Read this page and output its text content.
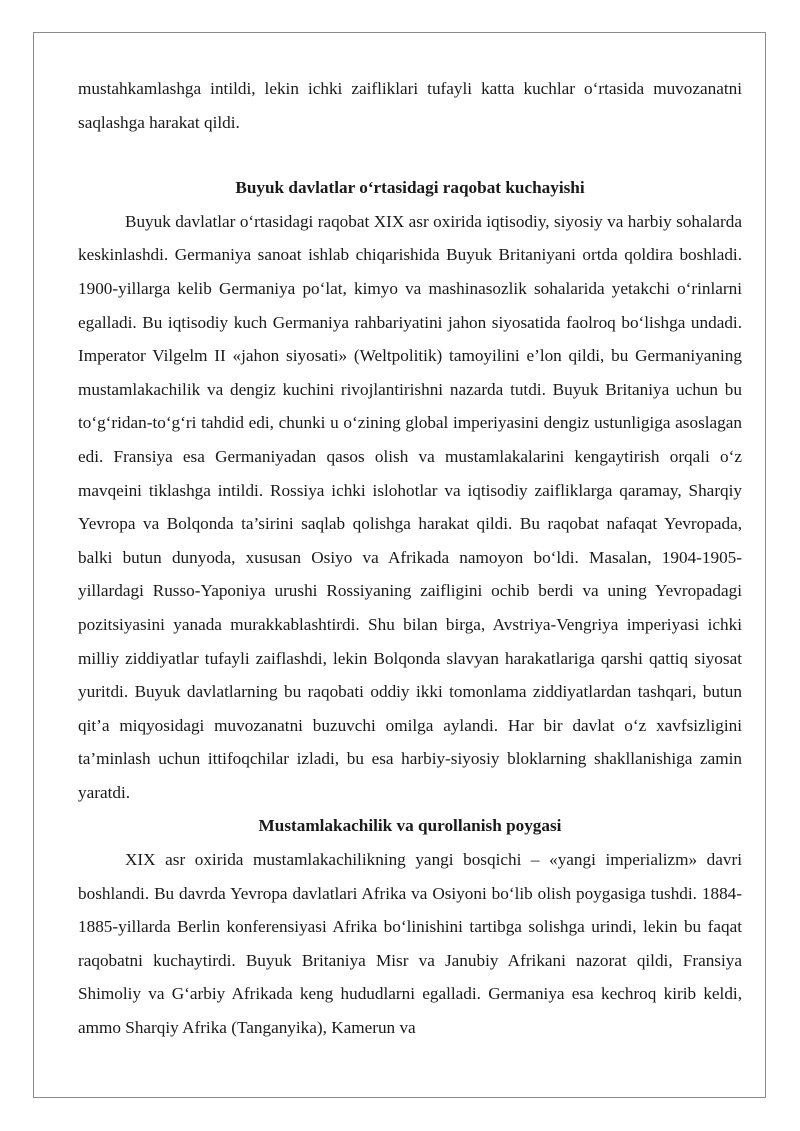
mustahkamlashga intildi, lekin ichki zaifliklari tufayli katta kuchlar o‘rtasida muvozanatni saqlashga harakat qildi.

Buyuk davlatlar o‘rtasidagi raqobat kuchayishi

Buyuk davlatlar o‘rtasidagi raqobat XIX asr oxirida iqtisodiy, siyosiy va harbiy sohalarda keskinlashdi. Germaniya sanoat ishlab chiqarishida Buyuk Britaniyani ortda qoldira boshladi. 1900-yillarga kelib Germaniya po‘lat, kimyo va mashinasozlik sohalarida yetakchi o‘rinlarni egalladi. Bu iqtisodiy kuch Germaniya rahbariyatini jahon siyosatida faolroq bo‘lishga undadi. Imperator Vilgelm II «jahon siyosati» (Weltpolitik) tamoyilini e’lon qildi, bu Germaniyaning mustamlakachilik va dengiz kuchini rivojlantirishni nazarda tutdi. Buyuk Britaniya uchun bu to‘g‘ridan-to‘g‘ri tahdid edi, chunki u o‘zining global imperiyasini dengiz ustunligiga asoslagan edi. Fransiya esa Germaniyadan qasos olish va mustamlakalarini kengaytirish orqali o‘z mavqeini tiklashga intildi. Rossiya ichki islohotlar va iqtisodiy zaifliklarga qaramay, Sharqiy Yevropa va Bolqonda ta’sirini saqlab qolishga harakat qildi. Bu raqobat nafaqat Yevropada, balki butun dunyoda, xususan Osiyo va Afrikada namoyon bo‘ldi. Masalan, 1904-1905-yillardagi Russo-Yaponiya urushi Rossiyaning zaifligini ochib berdi va uning Yevropadagi pozitsiyasini yanada murakkablashtirdi. Shu bilan birga, Avstriya-Vengriya imperiyasi ichki milliy ziddiyatlar tufayli zaiflashdi, lekin Bolqonda slavyan harakatlariga qarshi qattiq siyosat yuritdi. Buyuk davlatlarning bu raqobati oddiy ikki tomonlama ziddiyatlardan tashqari, butun qit’a miqyosidagi muvozanatni buzuvchi omilga aylandi. Har bir davlat o‘z xavfsizligini ta’minlash uchun ittifoqchilar izladi, bu esa harbiy-siyosiy bloklarning shakllanishiga zamin yaratdi.

Mustamlakachilik va qurollanish poygasi

XIX asr oxirida mustamlakachilikning yangi bosqichi – «yangi imperializm» davri boshlandi. Bu davrda Yevropa davlatlari Afrika va Osiyoni bo‘lib olish poygasiga tushdi. 1884-1885-yillarda Berlin konferensiyasi Afrika bo‘linishini tartibga solishga urindi, lekin bu faqat raqobatni kuchaytirdi. Buyuk Britaniya Misr va Janubiy Afrikani nazorat qildi, Fransiya Shimoliy va G‘arbiy Afrikada keng hududlarni egalladi. Germaniya esa kechroq kirib keldi, ammo Sharqiy Afrika (Tanganyika), Kamerun va
